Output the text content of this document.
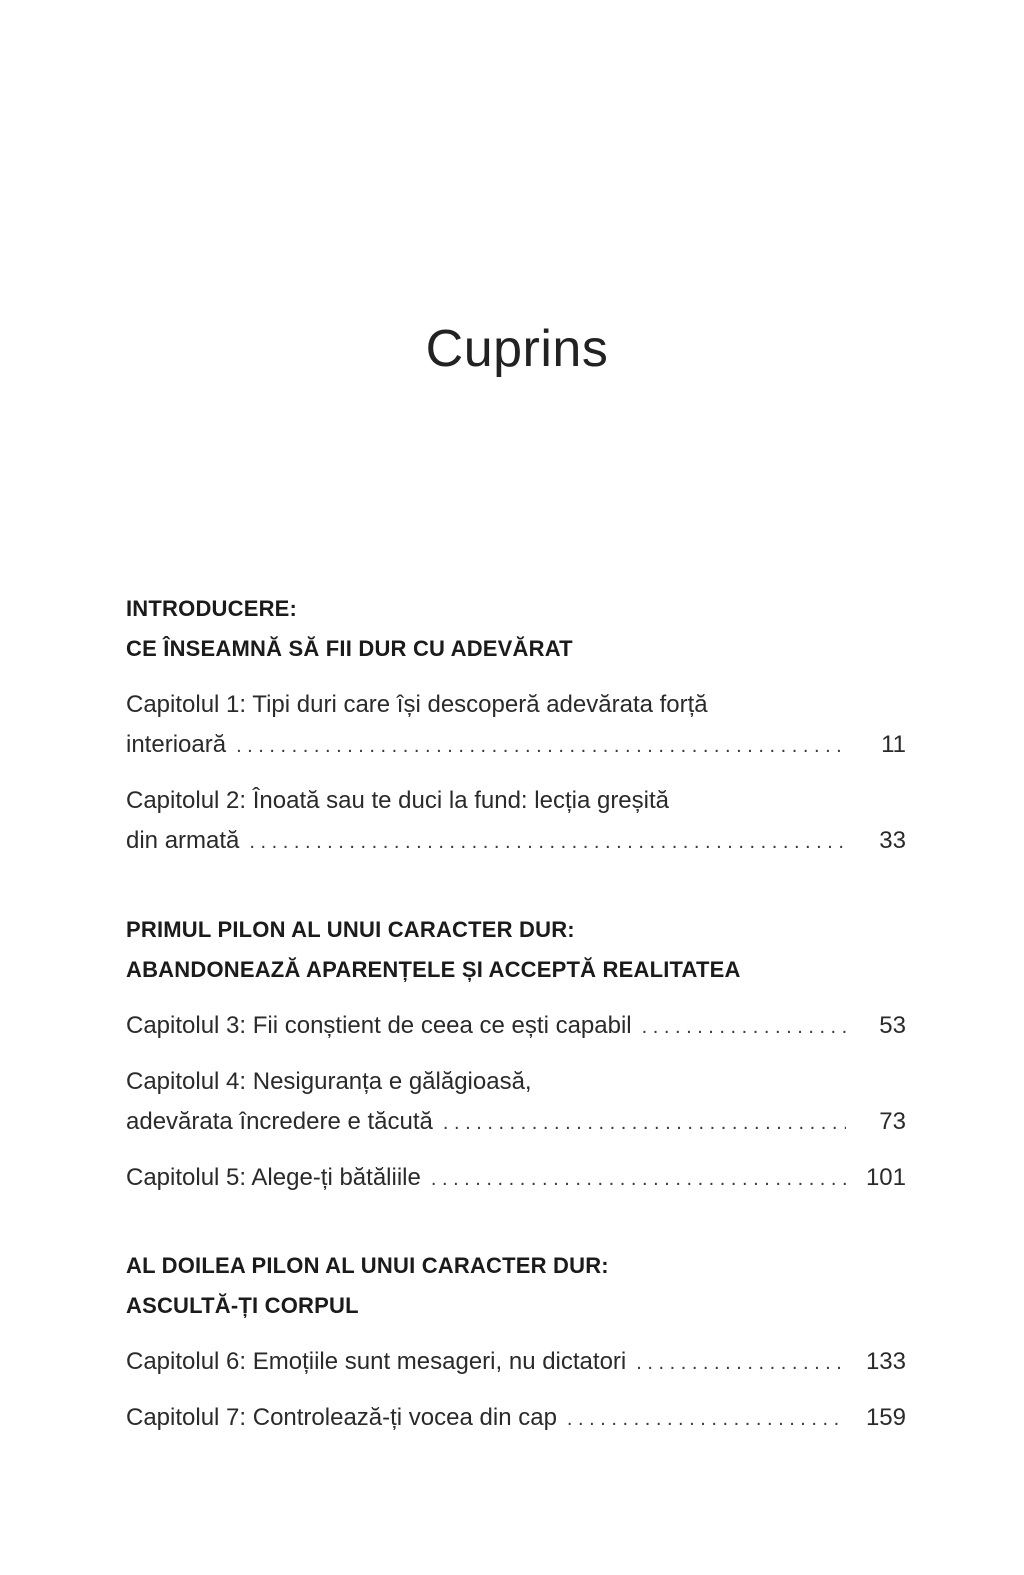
Cuprins

INTRODUCERE:

CE ÎNSEAMNĂ SĂ FII DUR CU ADEVĂRAT

Capitolul 1: Tipi duri care își descoperă adevărata forță

interioară . . .	11

Capitolul 2: Înoată sau te duci la fund: lecția greșită

din armată . . .	33

PRIMUL PILON AL UNUI CARACTER DUR:

ABANDONEAZĂ APARENȚELE ȘI ACCEPTĂ REALITATEA

Capitolul 3: Fii conștient de ceea ce ești capabil . . .	53

Capitolul 4: Nesiguranța e gălăgioasă,

adevărata încredere e tăcută . . .	73
Capitolul 5: Alege-ți bătăliile . . .	101

AL DOILEA PILON AL UNUI CARACTER DUR:

ASCULTĂ-ȚI CORPUL

Capitolul 6: Emoțiile sunt mesageri, nu dictatori . . .	133
Capitolul 7: Controlează-ți vocea din cap . . .	159
